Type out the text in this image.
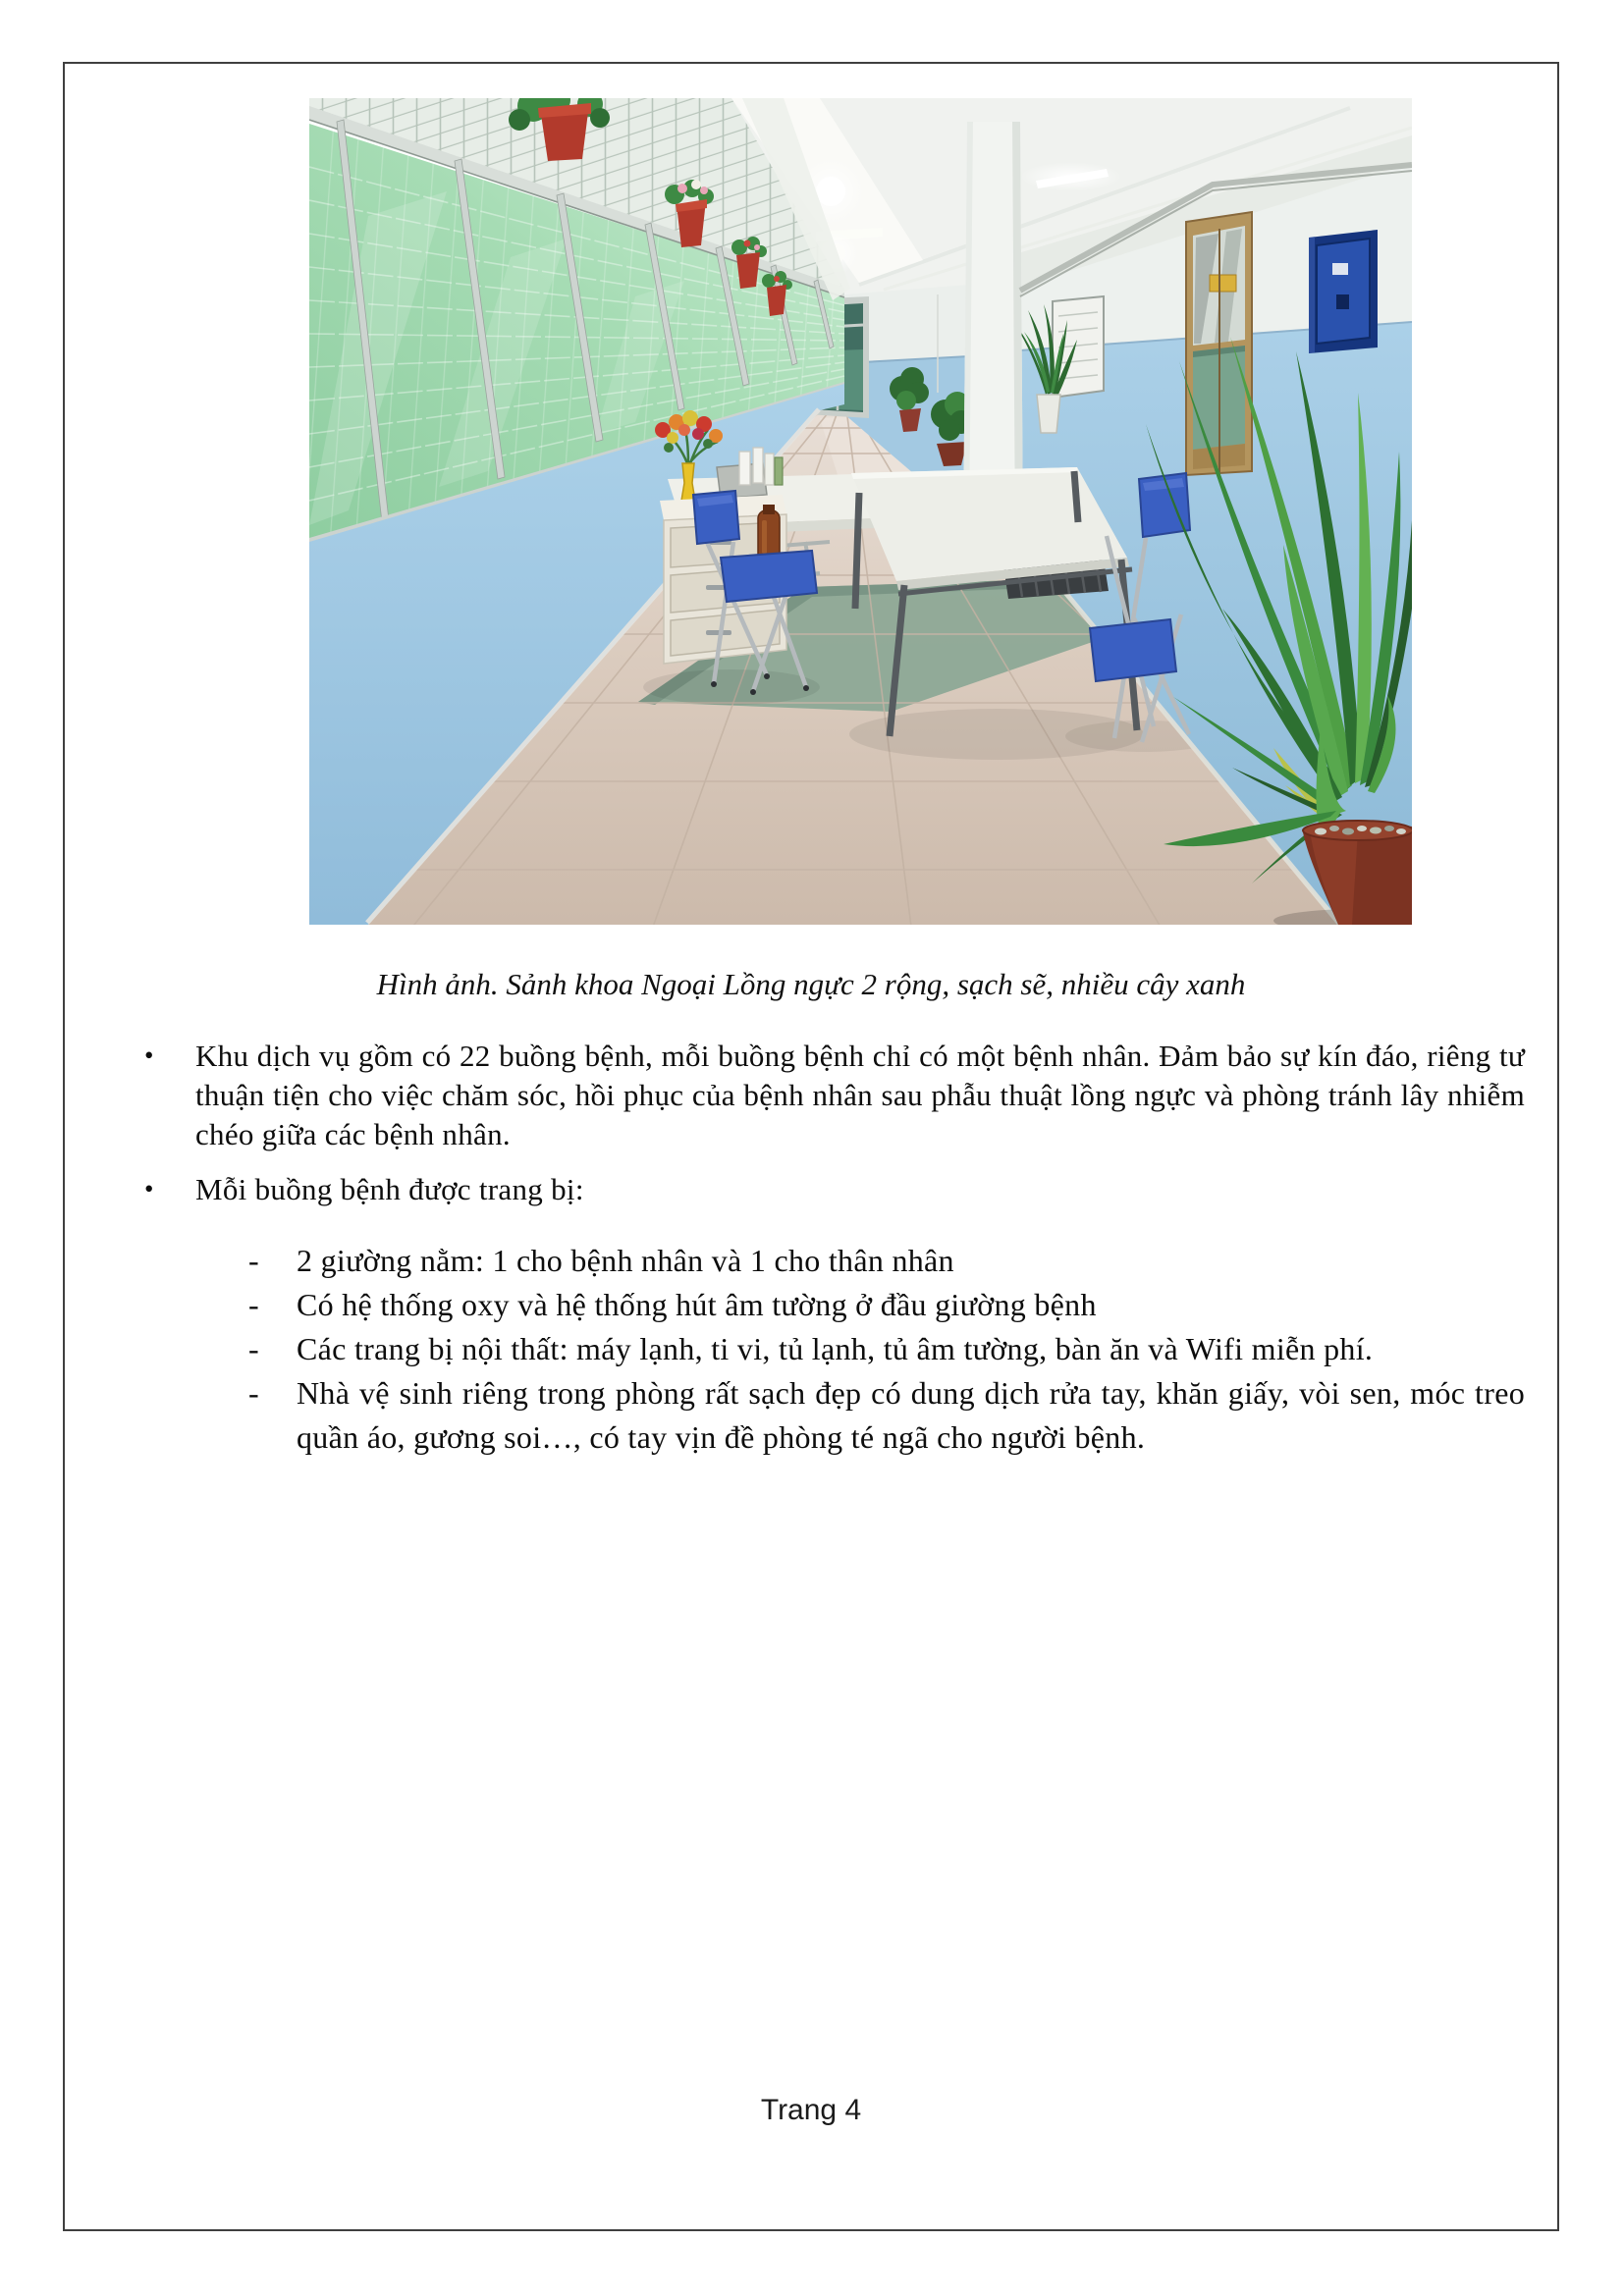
Hình ảnh. Sảnh khoa Ngoại Lồng ngực 2 rộng, sạch sẽ, nhiều cây xanh
• Khu dịch vụ gồm có 22 buồng bệnh, mỗi buồng bệnh chỉ có một bệnh nhân. Đảm bảo sự kín đáo, riêng tư thuận tiện cho việc chăm sóc, hồi phục của bệnh nhân sau phẫu thuật lồng ngực và phòng tránh lây nhiễm chéo giữa các bệnh nhân.
• Mỗi buồng bệnh được trang bị:
- 2 giường nằm: 1 cho bệnh nhân và 1 cho thân nhân
- Có hệ thống oxy và hệ thống hút âm tường ở đầu giường bệnh
- Các trang bị nội thất: máy lạnh, ti vi, tủ lạnh, tủ âm tường, bàn ăn và Wifi miễn phí.
- Nhà vệ sinh riêng trong phòng rất sạch đẹp có dung dịch rửa tay, khăn giấy, vòi sen, móc treo quần áo, gương soi…, có tay vịn đề phòng té ngã cho người bệnh.
Trang 4
